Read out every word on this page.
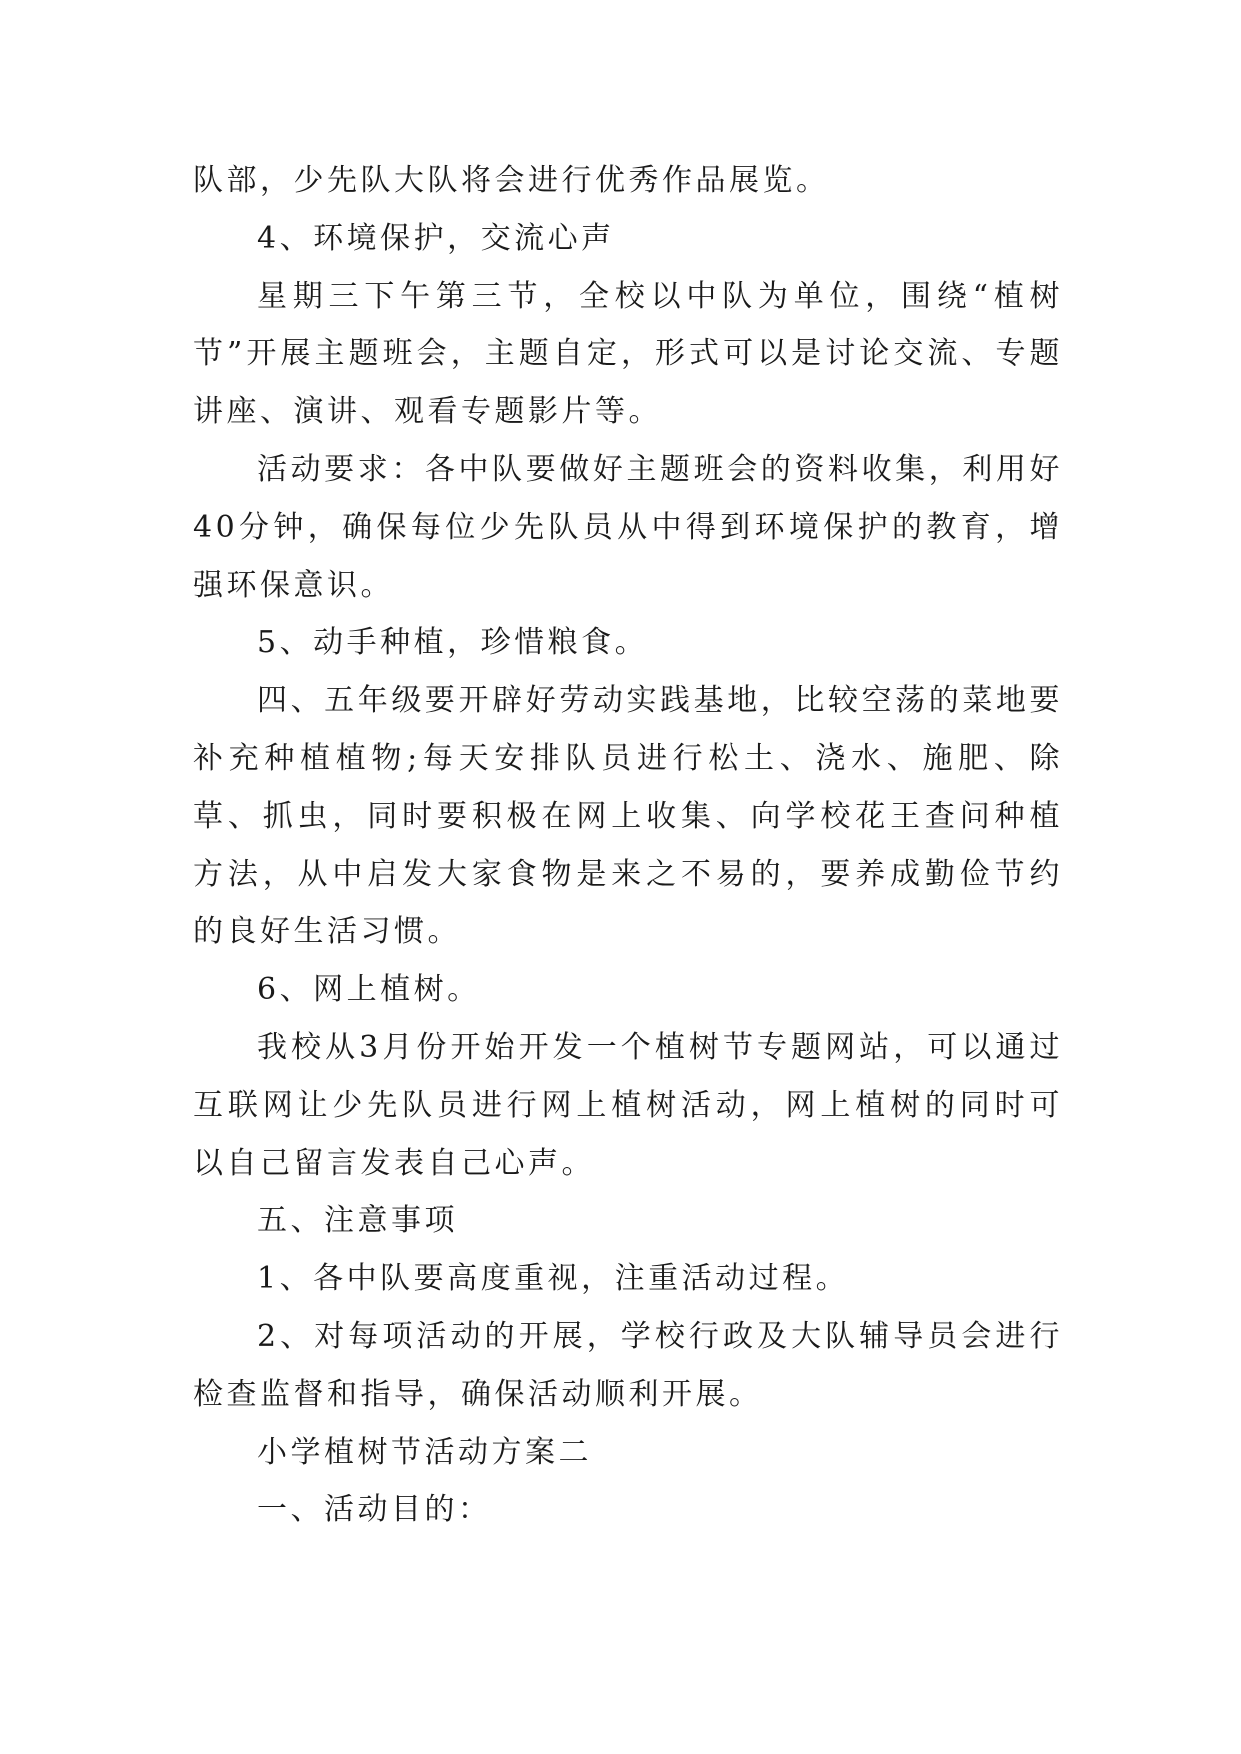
队部，少先队大队将会进行优秀作品展览。

4、环境保护，交流心声

星期三下午第三节，全校以中队为单位，围绕“植树节”开展主题班会，主题自定，形式可以是讨论交流、专题讲座、演讲、观看专题影片等。

活动要求：各中队要做好主题班会的资料收集，利用好40分钟，确保每位少先队员从中得到环境保护的教育，增强环保意识。

5、动手种植，珍惜粮食。

四、五年级要开辟好劳动实践基地，比较空荡的菜地要补充种植植物;每天安排队员进行松土、浇水、施肥、除草、抓虫，同时要积极在网上收集、向学校花王查问种植方法，从中启发大家食物是来之不易的，要养成勤俭节约的良好生活习惯。

6、网上植树。

我校从3月份开始开发一个植树节专题网站，可以通过互联网让少先队员进行网上植树活动，网上植树的同时可以自己留言发表自己心声。

五、注意事项

1、各中队要高度重视，注重活动过程。

2、对每项活动的开展，学校行政及大队辅导员会进行检查监督和指导，确保活动顺利开展。

小学植树节活动方案二

一、活动目的：
